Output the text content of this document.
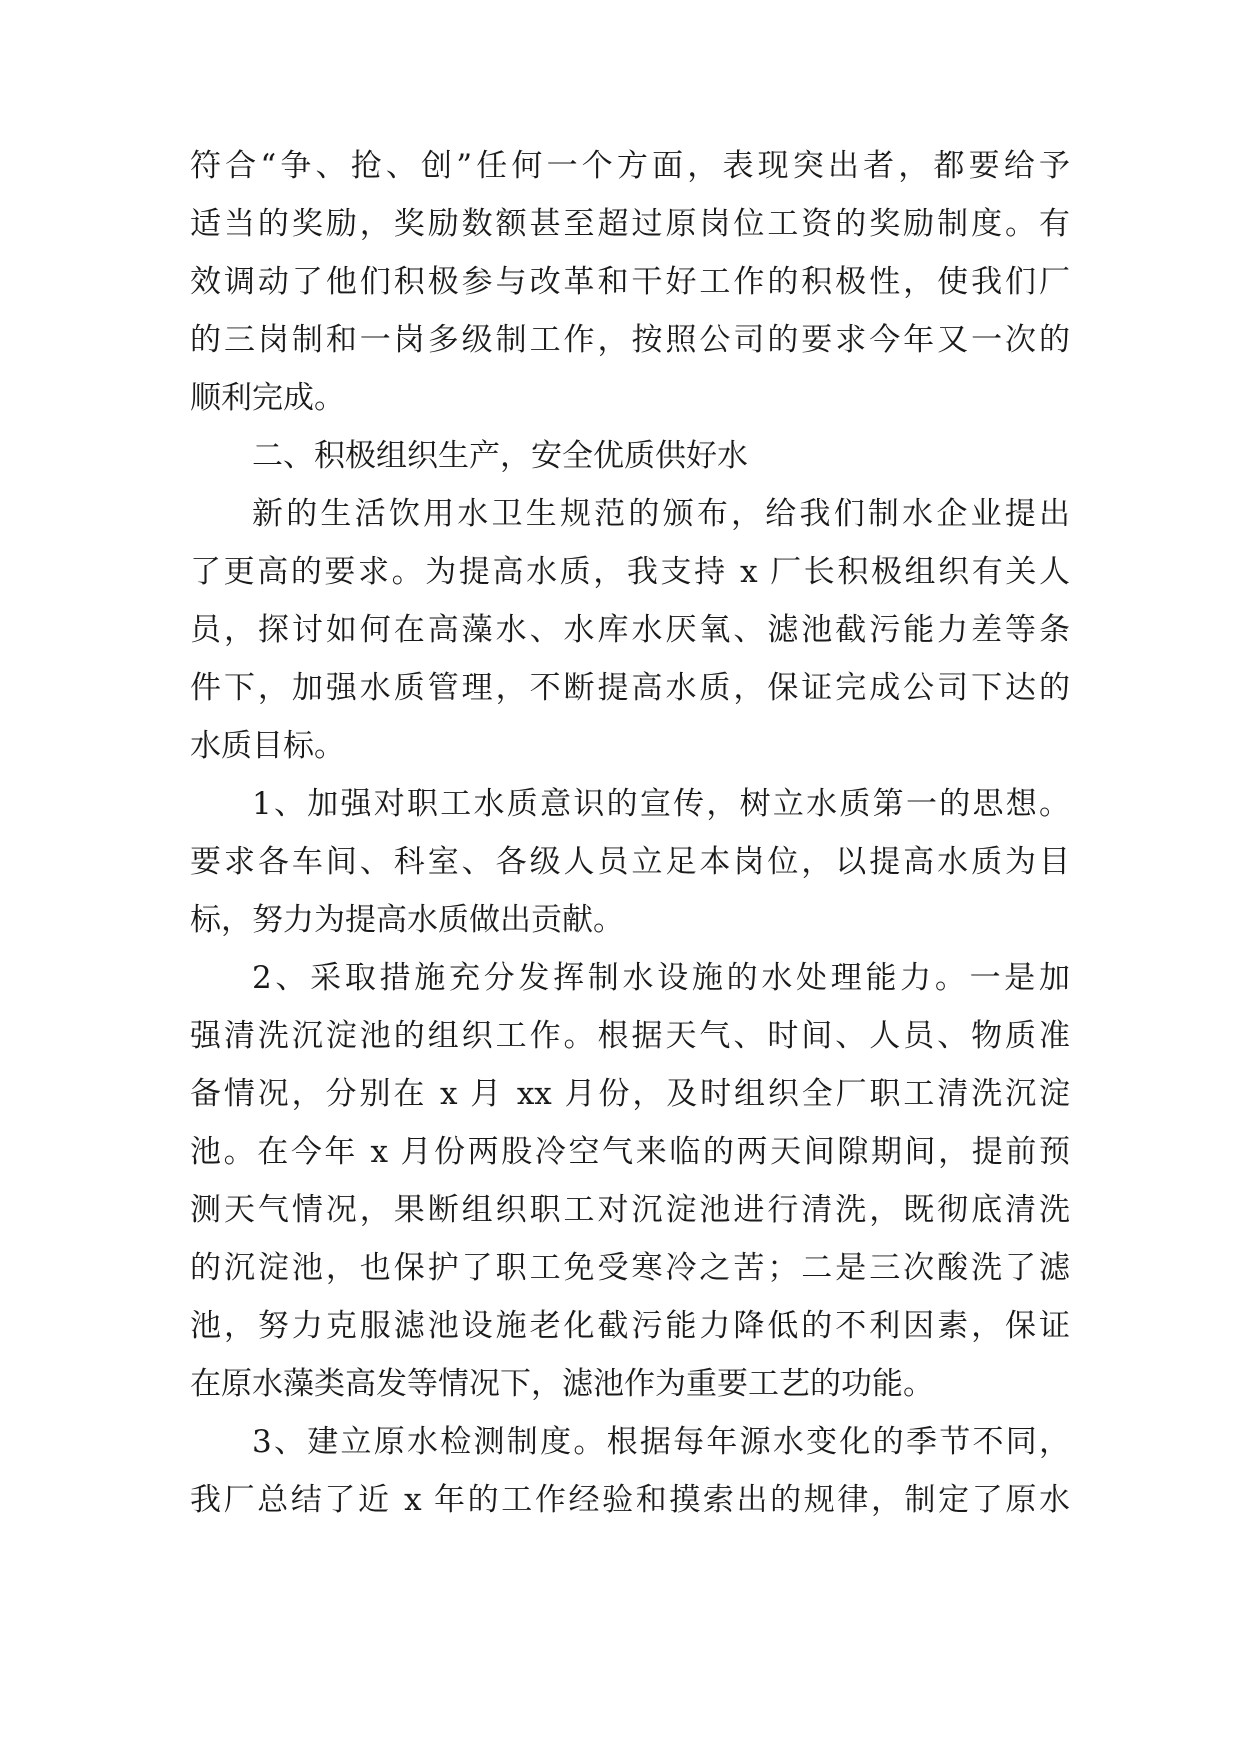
符合“争、抢、创”任何一个方面，表现突出者，都要给予
适当的奖励，奖励数额甚至超过原岗位工资的奖励制度。有
效调动了他们积极参与改革和干好工作的积极性，使我们厂
的三岗制和一岗多级制工作，按照公司的要求今年又一次的
顺利完成。
二、积极组织生产，安全优质供好水
新的生活饮用水卫生规范的颁布，给我们制水企业提出
了更高的要求。为提高水质，我支持 x 厂长积极组织有关人
员，探讨如何在高藻水、水库水厌氧、滤池截污能力差等条
件下，加强水质管理，不断提高水质，保证完成公司下达的
水质目标。
1、加强对职工水质意识的宣传，树立水质第一的思想。
要求各车间、科室、各级人员立足本岗位，以提高水质为目
标，努力为提高水质做出贡献。
2、采取措施充分发挥制水设施的水处理能力。一是加
强清洗沉淀池的组织工作。根据天气、时间、人员、物质准
备情况，分别在 x 月 xx 月份，及时组织全厂职工清洗沉淀
池。在今年 x 月份两股冷空气来临的两天间隙期间，提前预
测天气情况，果断组织职工对沉淀池进行清洗，既彻底清洗
的沉淀池，也保护了职工免受寒冷之苦；二是三次酸洗了滤
池，努力克服滤池设施老化截污能力降低的不利因素，保证
在原水藻类高发等情况下，滤池作为重要工艺的功能。
3、建立原水检测制度。根据每年源水变化的季节不同，
我厂总结了近 x 年的工作经验和摸索出的规律，制定了原水
